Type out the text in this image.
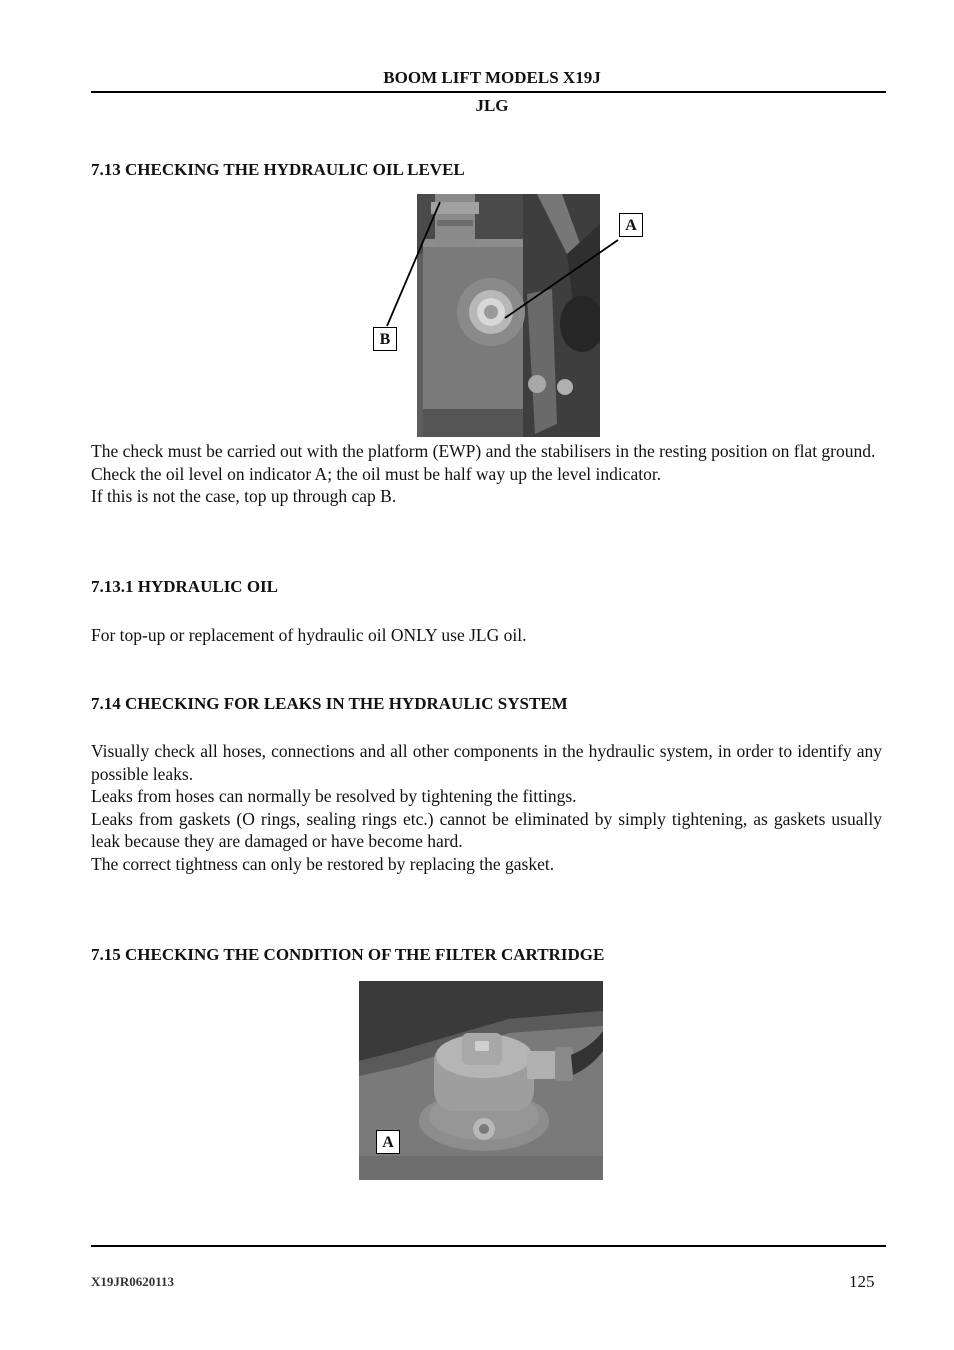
BOOM LIFT MODELS X19J
JLG
7.13 CHECKING THE HYDRAULIC OIL LEVEL
A
B

The check must be carried out with the platform (EWP) and the stabilisers in the resting position on flat ground.

Check the oil level on indicator A; the oil must be half way up the level indicator.

If this is not the case, top up through cap B.

7.13.1 HYDRAULIC OIL

For top-up or replacement of hydraulic oil ONLY use JLG oil.

7.14 CHECKING FOR LEAKS IN THE HYDRAULIC SYSTEM

Visually check all hoses, connections and all other components in the hydraulic system, in order to identify any possible leaks.

Leaks from hoses can normally be resolved by tightening the fittings.

Leaks from gaskets (O rings, sealing rings etc.) cannot be eliminated by simply tightening, as gaskets usually leak because they are damaged or have become hard.

The correct tightness can only be restored by replacing the gasket.

7.15 CHECKING THE CONDITION OF THE FILTER CARTRIDGE
A
X19JR0620113	125
